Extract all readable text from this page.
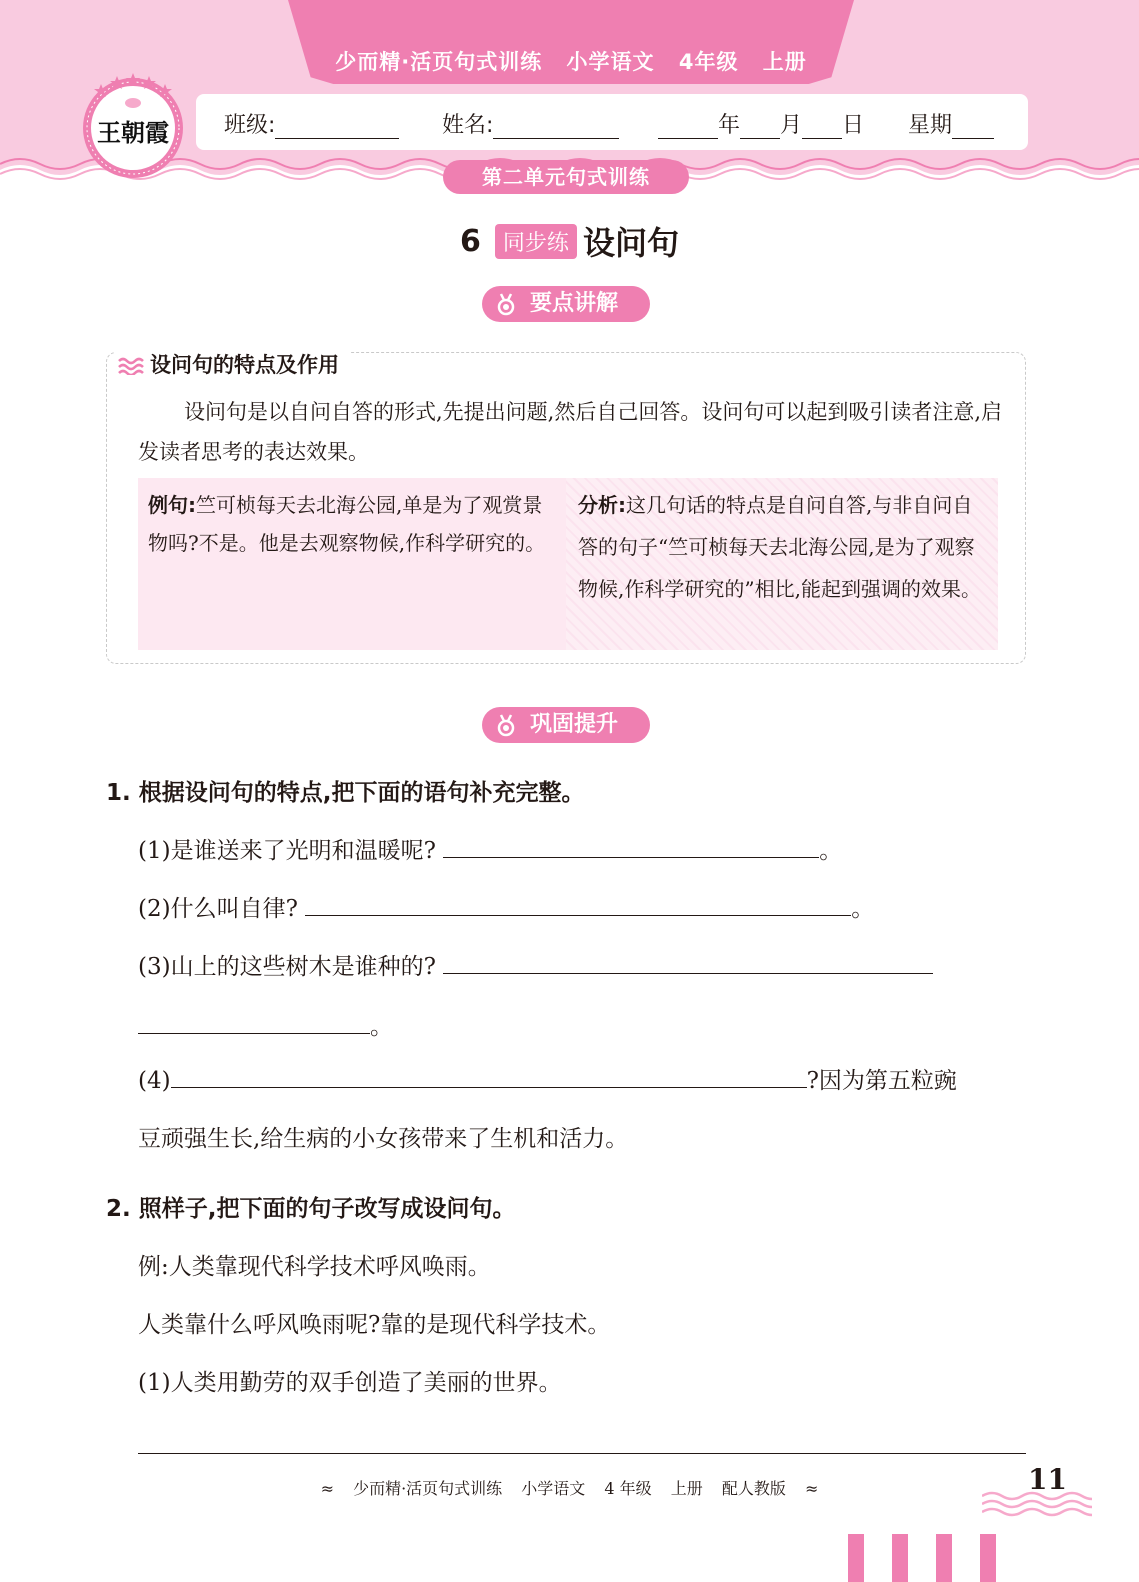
少而精·活页句式训练 小学语文 4年级 上册
王朝霞	班级:	姓名:	年 月 日 星期
第二单元句式训练
6 同步练 设问句
要点讲解
设问句的特点及作用
设问句是以自问自答的形式,先提出问题,然后自己回答。设问句可以起到吸引读者注意,启发读者思考的表达效果。
例句:竺可桢每天去北海公园,单是为了观赏景物吗?不是。他是去观察物候,作科学研究的。
分析:这几句话的特点是自问自答,与非自问自答的句子“竺可桢每天去北海公园,是为了观察物候,作科学研究的”相比,能起到强调的效果。
巩固提升
1. 根据设问句的特点,把下面的语句补充完整。
(1)是谁送来了光明和温暖呢?	。
(2)什么叫自律?	。
(3)山上的这些树木是谁种的?
。
(4)	?因为第五粒豌
豆顽强生长,给生病的小女孩带来了生机和活力。
2. 照样子,把下面的句子改写成设问句。
例:人类靠现代科学技术呼风唤雨。
人类靠什么呼风唤雨呢?靠的是现代科学技术。
(1)人类用勤劳的双手创造了美丽的世界。
≈ 少而精·活页句式训练 小学语文 4 年级 上册 配人教版 ≈	11
